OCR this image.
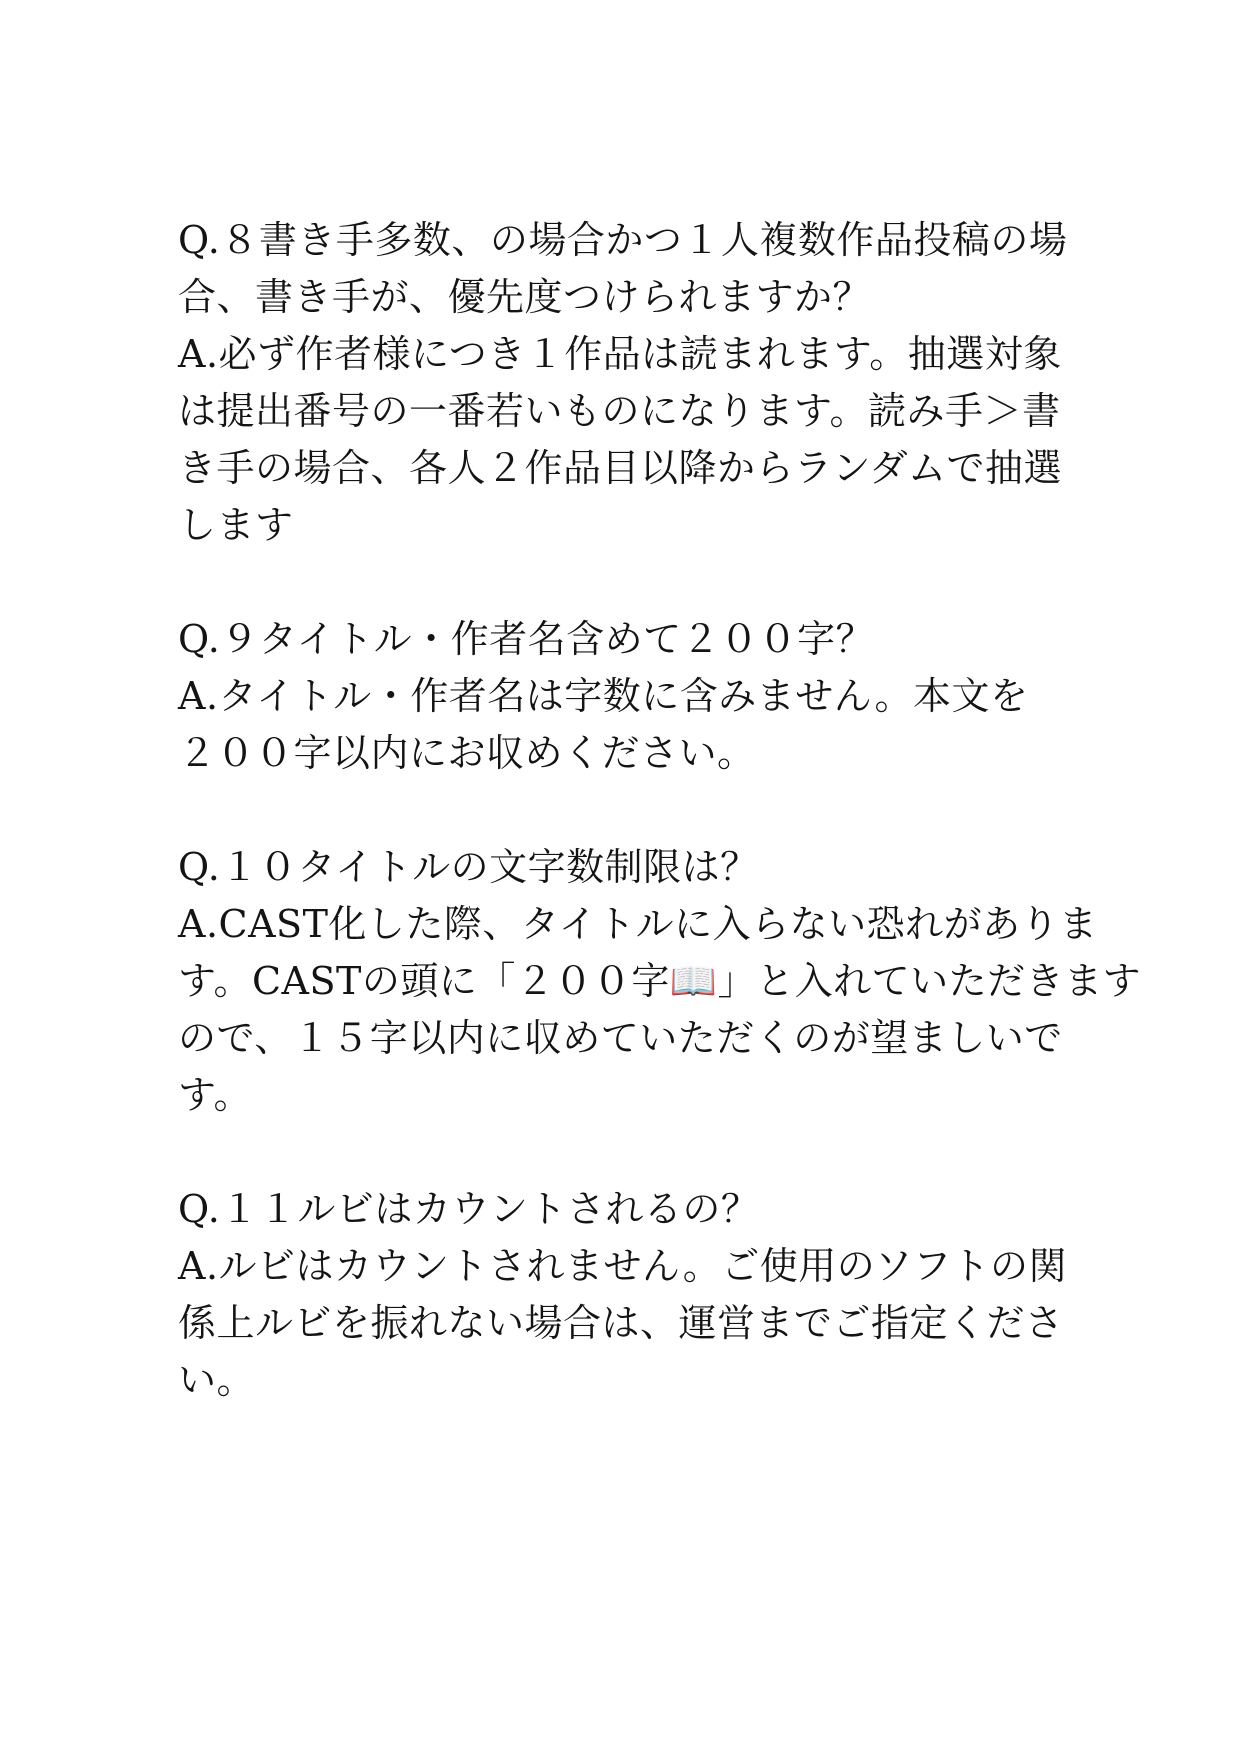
Q.８書き手多数、の場合かつ１人複数作品投稿の場
合、書き手が、優先度つけられますか？
A.必ず作者様につき１作品は読まれます。抽選対象
は提出番号の一番若いものになります。読み手＞書
き手の場合、各人２作品目以降からランダムで抽選
します
Q.９タイトル・作者名含めて２００字？
A.タイトル・作者名は字数に含みません。本文を
２００字以内にお収めください。
Q.１０タイトルの文字数制限は？
A.CAST化した際、タイトルに入らない恐れがありま
す。CASTの頭に「２００字📖」と入れていただきます
ので、１５字以内に収めていただくのが望ましいで
す。
Q.１１ルビはカウントされるの？
A.ルビはカウントされません。ご使用のソフトの関
係上ルビを振れない場合は、運営までご指定くださ
い。
